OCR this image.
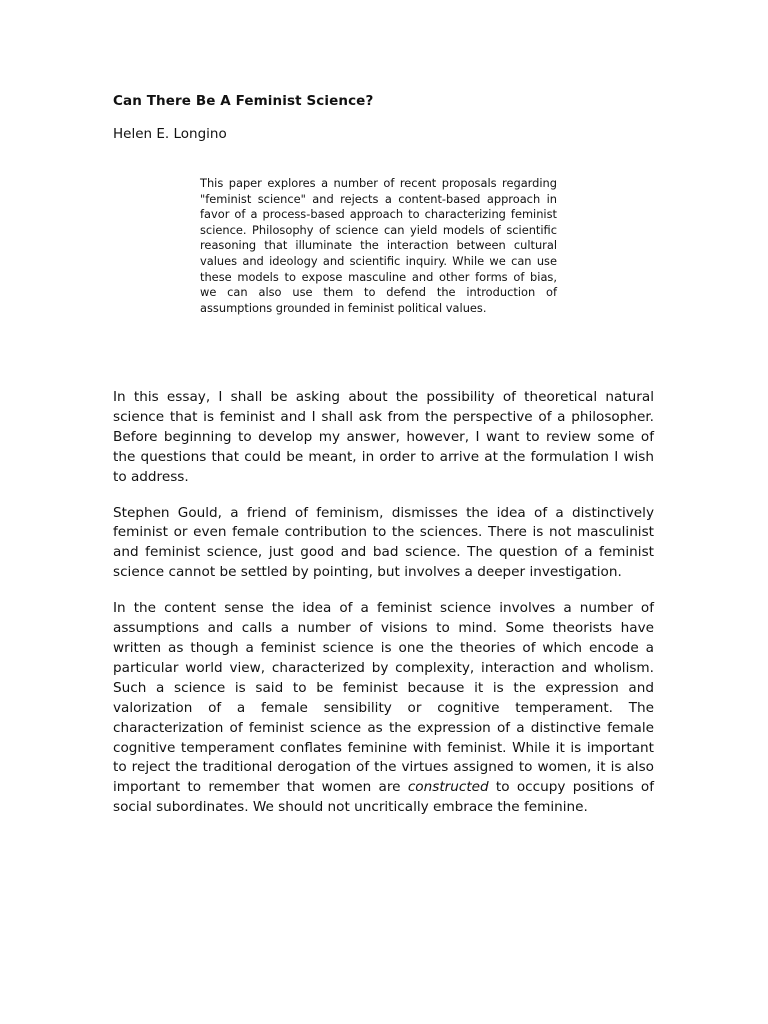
Can There Be A Feminist Science?
Helen E. Longino

This paper explores a number of recent proposals regarding "feminist science" and rejects a content-based approach in favor of a process-based approach to characterizing feminist science. Philosophy of science can yield models of scientific reasoning that illuminate the interaction between cultural values and ideology and scientific inquiry. While we can use these models to expose masculine and other forms of bias, we can also use them to defend the introduction of assumptions grounded in feminist political values.

In this essay, I shall be asking about the possibility of theoretical natural science that is feminist and I shall ask from the perspective of a philosopher. Before beginning to develop my answer, however, I want to review some of the questions that could be meant, in order to arrive at the formulation I wish to address.

Stephen Gould, a friend of feminism, dismisses the idea of a distinctively feminist or even female contribution to the sciences. There is not masculinist and feminist science, just good and bad science. The question of a feminist science cannot be settled by pointing, but involves a deeper investigation.

In the content sense the idea of a feminist science involves a number of assumptions and calls a number of visions to mind. Some theorists have written as though a feminist science is one the theories of which encode a particular world view, characterized by complexity, interaction and wholism. Such a science is said to be feminist because it is the expression and valorization of a female sensibility or cognitive temperament. The characterization of feminist science as the expression of a distinctive female cognitive temperament conflates feminine with feminist. While it is important to reject the traditional derogation of the virtues assigned to women, it is also important to remember that women are constructed to occupy positions of social subordinates. We should not uncritically embrace the feminine.
